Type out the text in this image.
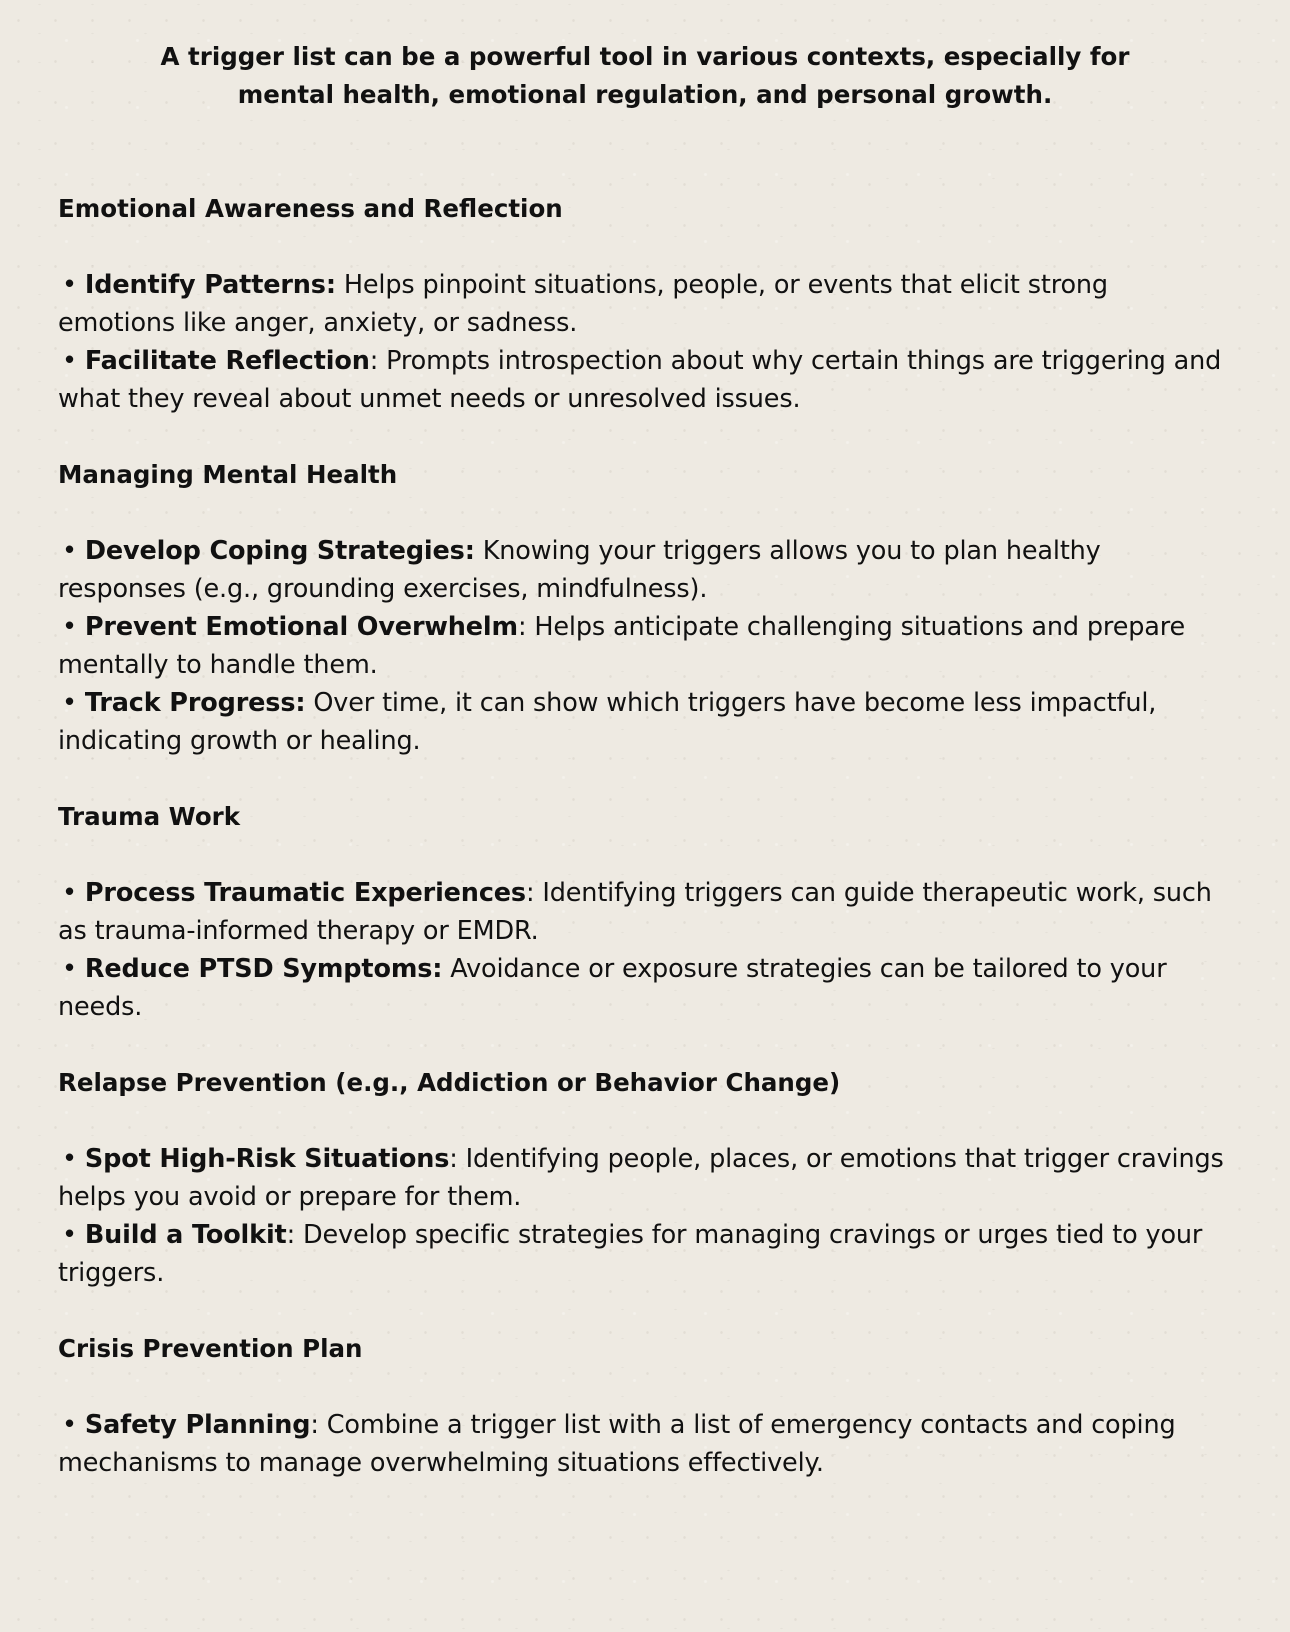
A trigger list can be a powerful tool in various contexts, especially for mental health, emotional regulation, and personal growth.
Emotional Awareness and Reflection
• Identify Patterns: Helps pinpoint situations, people, or events that elicit strong emotions like anger, anxiety, or sadness.
• Facilitate Reflection: Prompts introspection about why certain things are triggering and what they reveal about unmet needs or unresolved issues.
Managing Mental Health
• Develop Coping Strategies: Knowing your triggers allows you to plan healthy responses (e.g., grounding exercises, mindfulness).
• Prevent Emotional Overwhelm: Helps anticipate challenging situations and prepare mentally to handle them.
• Track Progress: Over time, it can show which triggers have become less impactful, indicating growth or healing.
Trauma Work
• Process Traumatic Experiences: Identifying triggers can guide therapeutic work, such as trauma-informed therapy or EMDR.
• Reduce PTSD Symptoms: Avoidance or exposure strategies can be tailored to your needs.
Relapse Prevention (e.g., Addiction or Behavior Change)
• Spot High-Risk Situations: Identifying people, places, or emotions that trigger cravings helps you avoid or prepare for them.
• Build a Toolkit: Develop specific strategies for managing cravings or urges tied to your triggers.
Crisis Prevention Plan
• Safety Planning: Combine a trigger list with a list of emergency contacts and coping mechanisms to manage overwhelming situations effectively.
